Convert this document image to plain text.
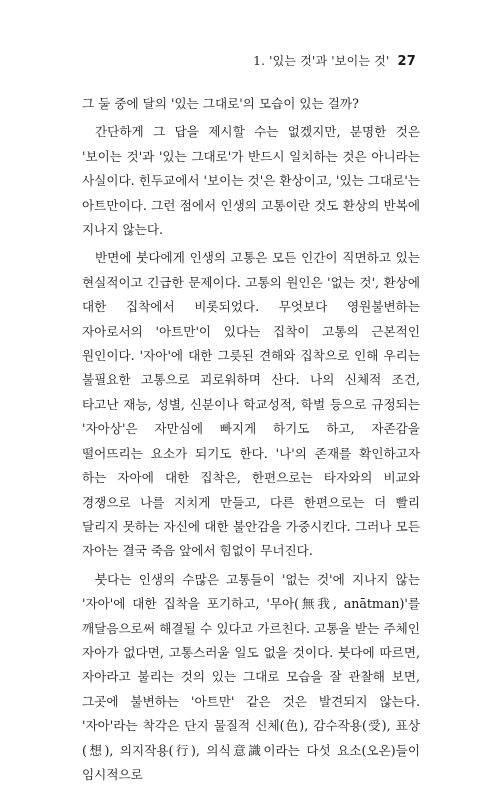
1. '있는 것'과 '보이는 것' 27

그 둘 중에 달의 '있는 그대로'의 모습이 있는 걸까?

간단하게 그 답을 제시할 수는 없겠지만, 분명한 것은 '보이는 것'과 '있는 그대로'가 반드시 일치하는 것은 아니라는 사실이다. 힌두교에서 '보이는 것'은 환상이고, '있는 그대로'는 아트만이다. 그런 점에서 인생의 고통이란 것도 환상의 반복에 지나지 않는다.

반면에 붓다에게 인생의 고통은 모든 인간이 직면하고 있는 현실적이고 긴급한 문제이다. 고통의 원인은 '없는 것', 환상에 대한 집착에서 비롯되었다. 무엇보다 영원불변하는 자아로서의 '아트만'이 있다는 집착이 고통의 근본적인 원인이다. '자아'에 대한 그릇된 견해와 집착으로 인해 우리는 불필요한 고통으로 괴로워하며 산다. 나의 신체적 조건, 타고난 재능, 성별, 신분이나 학교성적, 학벌 등으로 규정되는 '자아상'은 자만심에 빠지게 하기도 하고, 자존감을 떨어뜨리는 요소가 되기도 한다. '나'의 존재를 확인하고자 하는 자아에 대한 집착은, 한편으로는 타자와의 비교와 경쟁으로 나를 지치게 만들고, 다른 한편으로는 더 빨리 달리지 못하는 자신에 대한 불안감을 가중시킨다. 그러나 모든 자아는 결국 죽음 앞에서 힘없이 무너진다.

붓다는 인생의 수많은 고통들이 '없는 것'에 지나지 않는 '자아'에 대한 집착을 포기하고, '무아(無我, anātman)'를 깨달음으로써 해결될 수 있다고 가르친다. 고통을 받는 주체인 자아가 없다면, 고통스러울 일도 없을 것이다. 붓다에 따르면, 자아라고 불리는 것의 있는 그대로 모습을 잘 관찰해 보면, 그곳에 불변하는 '아트만' 같은 것은 발견되지 않는다. '자아'라는 착각은 단지 물질적 신체(色), 감수작용(受), 표상(想), 의지작용(行), 의식意識이라는 다섯 요소(오온)들이 임시적으로
